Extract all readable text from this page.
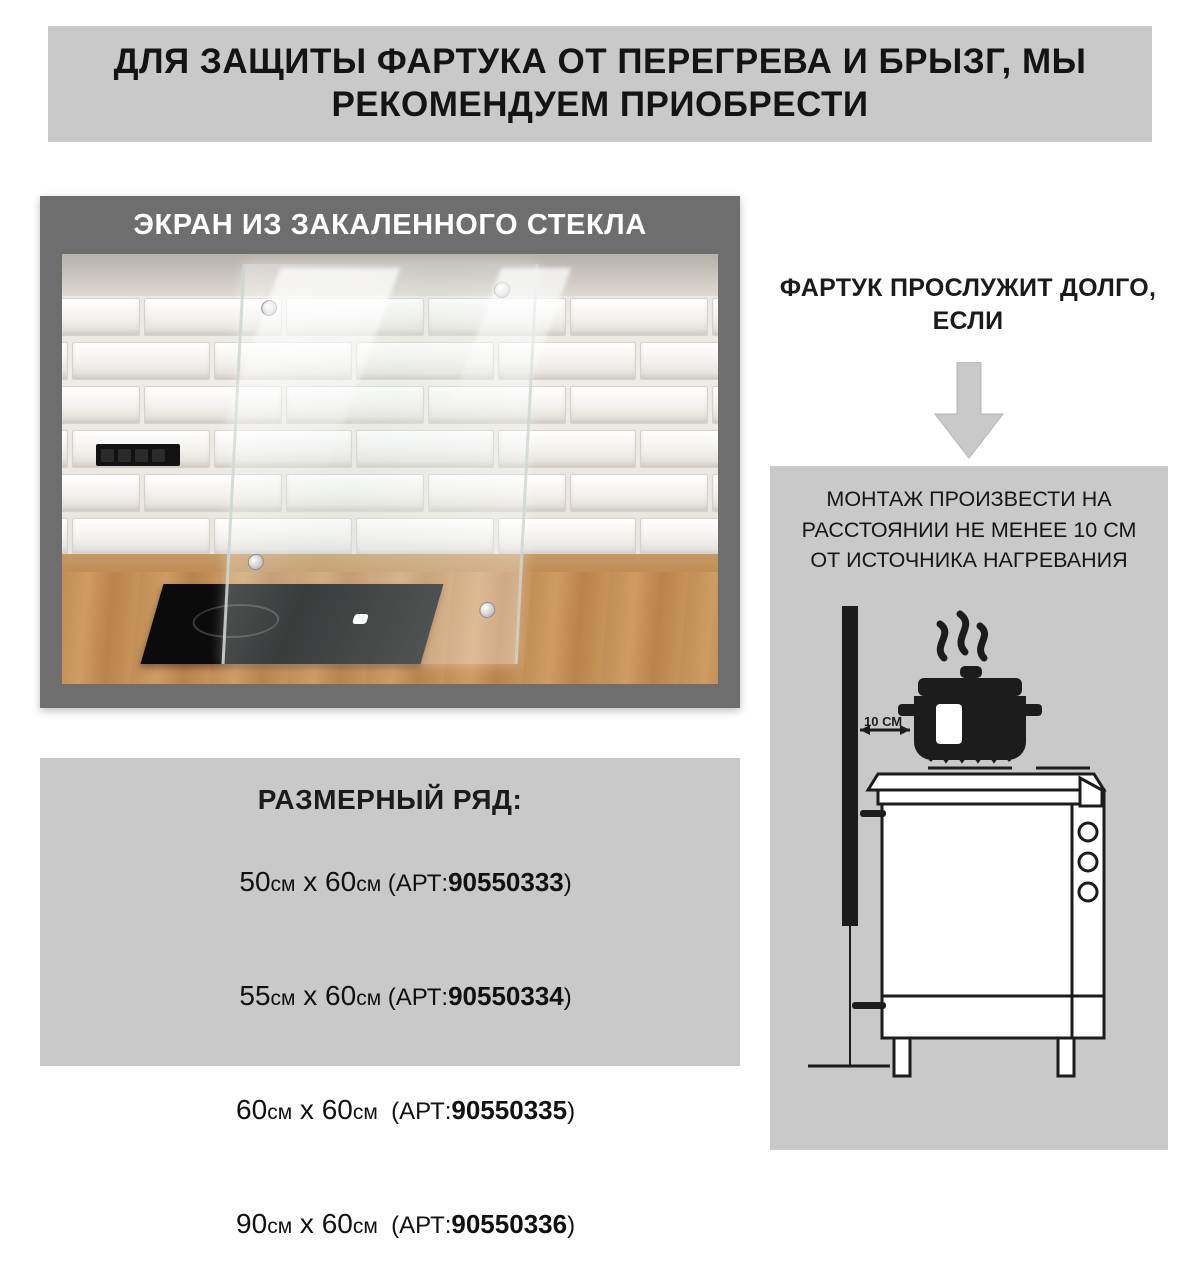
ДЛЯ ЗАЩИТЫ ФАРТУКА ОТ ПЕРЕГРЕВА И БРЫЗГ, МЫ РЕКОМЕНДУЕМ ПРИОБРЕСТИ
ЭКРАН ИЗ ЗАКАЛЕННОГО СТЕКЛА
ФАРТУК ПРОСЛУЖИТ ДОЛГО, ЕСЛИ
МОНТАЖ ПРОИЗВЕСТИ НА РАССТОЯНИИ НЕ МЕНЕЕ 10 СМ ОТ ИСТОЧНИКА НАГРЕВАНИЯ
10 СМ
РАЗМЕРНЫЙ РЯД:

50см x 60см (АРТ:90550333)

55см x 60см (АРТ:90550334)

60см x 60см  (АРТ:90550335)

90см x 60см  (АРТ:90550336)
